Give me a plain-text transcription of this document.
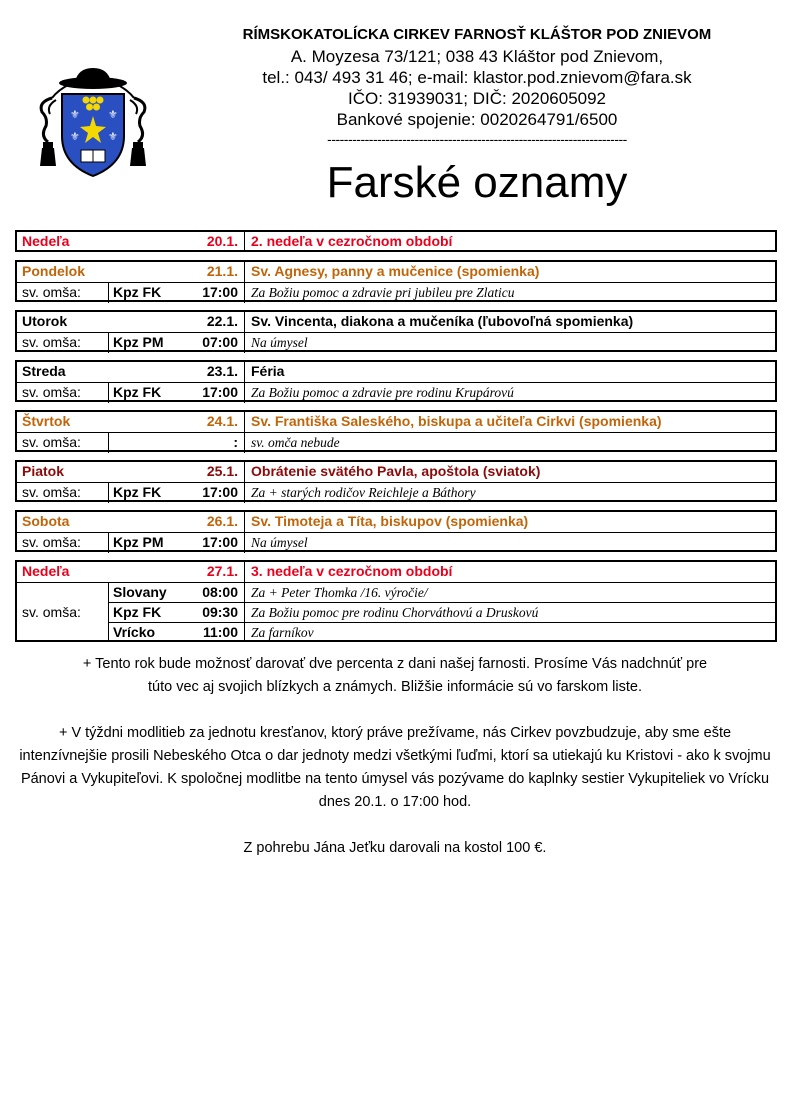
⚜	⚜
⚜	⚜
RÍMSKOKATOLÍCKA CIRKEV FARNOSŤ KLÁŠTOR POD ZNIEVOM
A. Moyzesa 73/121; 038 43 Kláštor pod Znievom,
tel.: 043/ 493 31 46; e-mail: klastor.pod.znievom@fara.sk
IČO: 31939031; DIČ: 2020605092
Bankové spojenie: 0020264791/6500
------------------------------------------------------------------------
Farské oznamy
Nedeľa	20.1. 2. nedeľa v cezročnom období
Pondelok	21.1. Sv. Agnesy, panny a mučenice (spomienka)
sv. omša:	Kpz FK	17:00 Za Božiu pomoc a zdravie pri jubileu pre Zlaticu
Utorok	22.1. Sv. Vincenta, diakona a mučeníka (ľubovoľná spomienka)
sv. omša:	Kpz PM	07:00 Na úmysel
Streda	23.1. Féria
sv. omša:	Kpz FK	17:00 Za Božiu pomoc a zdravie pre rodinu Krupárovú
Štvrtok	24.1. Sv. Františka Saleského, biskupa a učiteľa Cirkvi (spomienka)
sv. omša:	: sv. omča nebude
Piatok	25.1. Obrátenie svätého Pavla, apoštola (sviatok)
sv. omša:	Kpz FK	17:00 Za + starých rodičov Reichleje a Báthory
Sobota	26.1. Sv. Timoteja a Títa, biskupov (spomienka)
sv. omša:	Kpz PM	17:00 Na úmysel
Nedeľa	27.1. 3. nedeľa v cezročnom období
sv. omša:
Slovany	08:00 Za + Peter Thomka /16. výročie/
Kpz FK	09:30 Za Božiu pomoc pre rodinu Chorváthovú a Druskovú
Vrícko	11:00 Za farníkov
+ Tento rok bude možnosť darovať dve percenta z dani našej farnosti. Prosíme Vás nadchnúť pre túto vec aj svojich blízkych a známych. Bližšie informácie sú vo farskom liste.
+ V týždni modlitieb za jednotu kresťanov, ktorý práve prežívame, nás Cirkev povzbudzuje, aby sme ešte intenzívnejšie prosili Nebeského Otca o dar jednoty medzi všetkými ľuďmi, ktorí sa utiekajú ku Kristovi - ako k svojmu Pánovi a Vykupiteľovi. K spoločnej modlitbe na tento úmysel vás pozývame do kaplnky sestier Vykupiteliek vo Vrícku dnes 20.1. o 17:00 hod.
Z pohrebu Jána Jeťku darovali na kostol 100 €.
